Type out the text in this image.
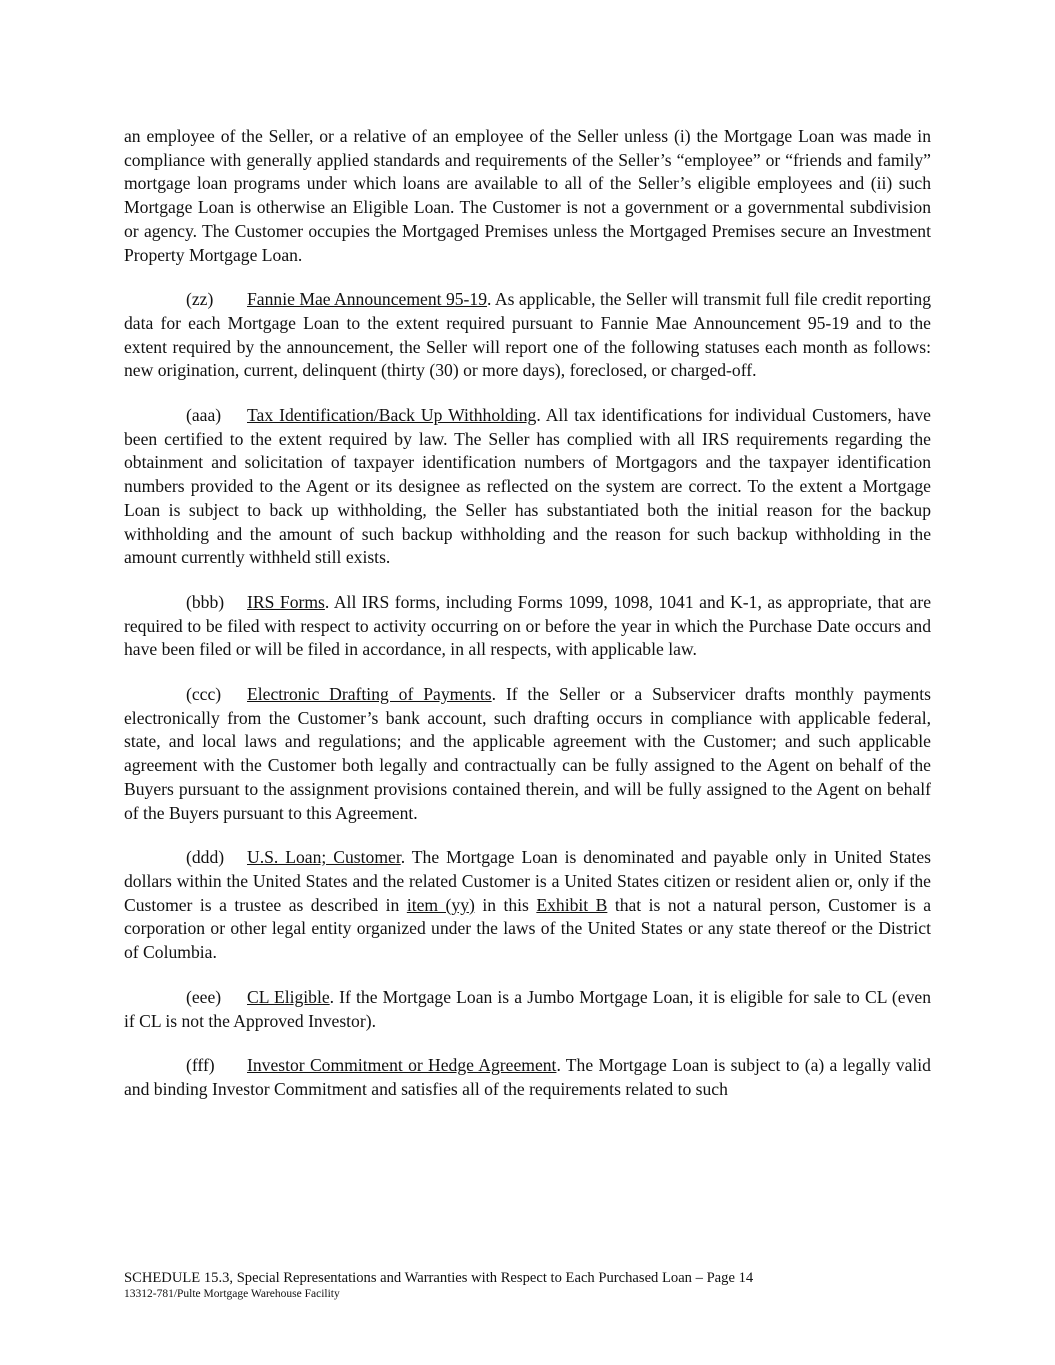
an employee of the Seller, or a relative of an employee of the Seller unless (i) the Mortgage Loan was made in compliance with generally applied standards and requirements of the Seller’s “employee” or “friends and family” mortgage loan programs under which loans are available to all of the Seller’s eligible employees and (ii) such Mortgage Loan is otherwise an Eligible Loan. The Customer is not a government or a governmental subdivision or agency. The Customer occupies the Mortgaged Premises unless the Mortgaged Premises secure an Investment Property Mortgage Loan.

(zz) Fannie Mae Announcement 95-19. As applicable, the Seller will transmit full file credit reporting data for each Mortgage Loan to the extent required pursuant to Fannie Mae Announcement 95-19 and to the extent required by the announcement, the Seller will report one of the following statuses each month as follows: new origination, current, delinquent (thirty (30) or more days), foreclosed, or charged-off.

(aaa) Tax Identification/Back Up Withholding. All tax identifications for individual Customers, have been certified to the extent required by law. The Seller has complied with all IRS requirements regarding the obtainment and solicitation of taxpayer identification numbers of Mortgagors and the taxpayer identification numbers provided to the Agent or its designee as reflected on the system are correct. To the extent a Mortgage Loan is subject to back up withholding, the Seller has substantiated both the initial reason for the backup withholding and the amount of such backup withholding and the reason for such backup withholding in the amount currently withheld still exists.

(bbb) IRS Forms. All IRS forms, including Forms 1099, 1098, 1041 and K-1, as appropriate, that are required to be filed with respect to activity occurring on or before the year in which the Purchase Date occurs and have been filed or will be filed in accordance, in all respects, with applicable law.

(ccc) Electronic Drafting of Payments. If the Seller or a Subservicer drafts monthly payments electronically from the Customer’s bank account, such drafting occurs in compliance with applicable federal, state, and local laws and regulations; and the applicable agreement with the Customer; and such applicable agreement with the Customer both legally and contractually can be fully assigned to the Agent on behalf of the Buyers pursuant to the assignment provisions contained therein, and will be fully assigned to the Agent on behalf of the Buyers pursuant to this Agreement.

(ddd) U.S. Loan; Customer. The Mortgage Loan is denominated and payable only in United States dollars within the United States and the related Customer is a United States citizen or resident alien or, only if the Customer is a trustee as described in item (yy) in this Exhibit B that is not a natural person, Customer is a corporation or other legal entity organized under the laws of the United States or any state thereof or the District of Columbia.

(eee) CL Eligible. If the Mortgage Loan is a Jumbo Mortgage Loan, it is eligible for sale to CL (even if CL is not the Approved Investor).

(fff) Investor Commitment or Hedge Agreement. The Mortgage Loan is subject to (a) a legally valid and binding Investor Commitment and satisfies all of the requirements related to such

SCHEDULE 15.3, Special Representations and Warranties with Respect to Each Purchased Loan – Page 14
13312-781/Pulte Mortgage Warehouse Facility
